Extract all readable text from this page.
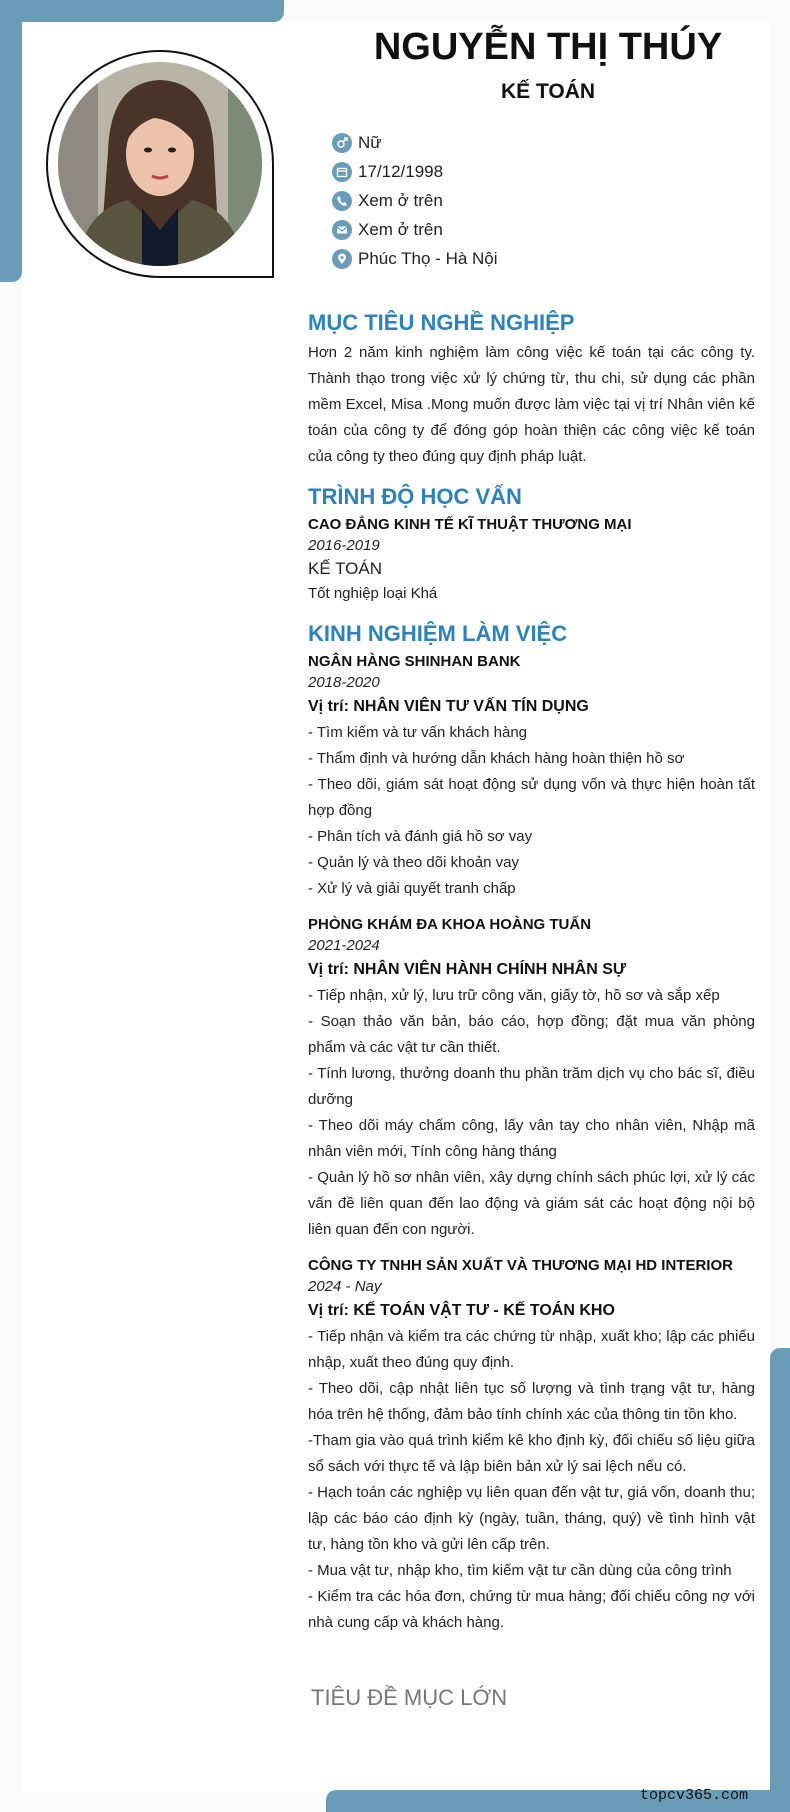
NGUYỄN THỊ THÚY
KẾ TOÁN
Nữ
17/12/1998
Xem ở trên
Xem ở trên
Phúc Thọ - Hà Nội
MỤC TIÊU NGHỀ NGHIỆP
Hơn 2 năm kinh nghiệm làm công việc kế toán tại các công ty. Thành thạo trong việc xử lý chứng từ, thu chi, sử dụng các phần mềm Excel, Misa .Mong muốn được làm việc tại vị trí Nhân viên kế toán của công ty để đóng góp hoàn thiện các công việc kế toán của công ty theo đúng quy định pháp luật.
TRÌNH ĐỘ HỌC VẤN
CAO ĐẲNG KINH TẾ KĨ THUẬT THƯƠNG MẠI
2016-2019
KẾ TOÁN
Tốt nghiệp loại Khá
KINH NGHIỆM LÀM VIỆC
NGÂN HÀNG SHINHAN BANK
2018-2020
Vị trí: NHÂN VIÊN TƯ VẤN TÍN DỤNG
- Tìm kiếm và tư vấn khách hàng
- Thẩm định và hướng dẫn khách hàng hoàn thiện hồ sơ
- Theo dõi, giám sát hoạt động sử dụng vốn và thực hiện hoàn tất hợp đồng
- Phân tích và đánh giá hồ sơ vay
- Quản lý và theo dõi khoản vay
- Xử lý và giải quyết tranh chấp
PHÒNG KHÁM ĐA KHOA HOÀNG TUẤN
2021-2024
Vị trí: NHÂN VIÊN HÀNH CHÍNH NHÂN SỰ
- Tiếp nhận, xử lý, lưu trữ công văn, giấy tờ, hồ sơ và sắp xếp
- Soạn thảo văn bản, báo cáo, hợp đồng; đặt mua văn phòng phẩm và các vật tư cần thiết.
- Tính lương, thưởng doanh thu phần trăm dịch vụ cho bác sĩ, điều dưỡng
- Theo dõi máy chấm công, lấy vân tay cho nhân viên, Nhập mã nhân viên mới, Tính công hàng tháng
- Quản lý hồ sơ nhân viên, xây dựng chính sách phúc lợi, xử lý các vấn đề liên quan đến lao động và giám sát các hoạt động nội bộ liên quan đến con người.
CÔNG TY TNHH SẢN XUẤT VÀ THƯƠNG MẠI HD INTERIOR
2024 - Nay
Vị trí: KẾ TOÁN VẬT TƯ - KẾ TOÁN KHO
- Tiếp nhận và kiểm tra các chứng từ nhập, xuất kho; lập các phiếu nhập, xuất theo đúng quy định.
- Theo dõi, cập nhật liên tục số lượng và tình trạng vật tư, hàng hóa trên hệ thống, đảm bảo tính chính xác của thông tin tồn kho.
-Tham gia vào quá trình kiểm kê kho định kỳ, đối chiếu số liệu giữa sổ sách với thực tế và lập biên bản xử lý sai lệch nếu có.
- Hạch toán các nghiệp vụ liên quan đến vật tư, giá vốn, doanh thu; lập các báo cáo định kỳ (ngày, tuần, tháng, quý) về tình hình vật tư, hàng tồn kho và gửi lên cấp trên.
- Mua vật tư, nhập kho, tìm kiếm vật tư cần dùng của công trình
- Kiểm tra các hóa đơn, chứng từ mua hàng; đối chiếu công nợ với nhà cung cấp và khách hàng.
TIÊU ĐỀ MỤC LỚN
topcv365.com
